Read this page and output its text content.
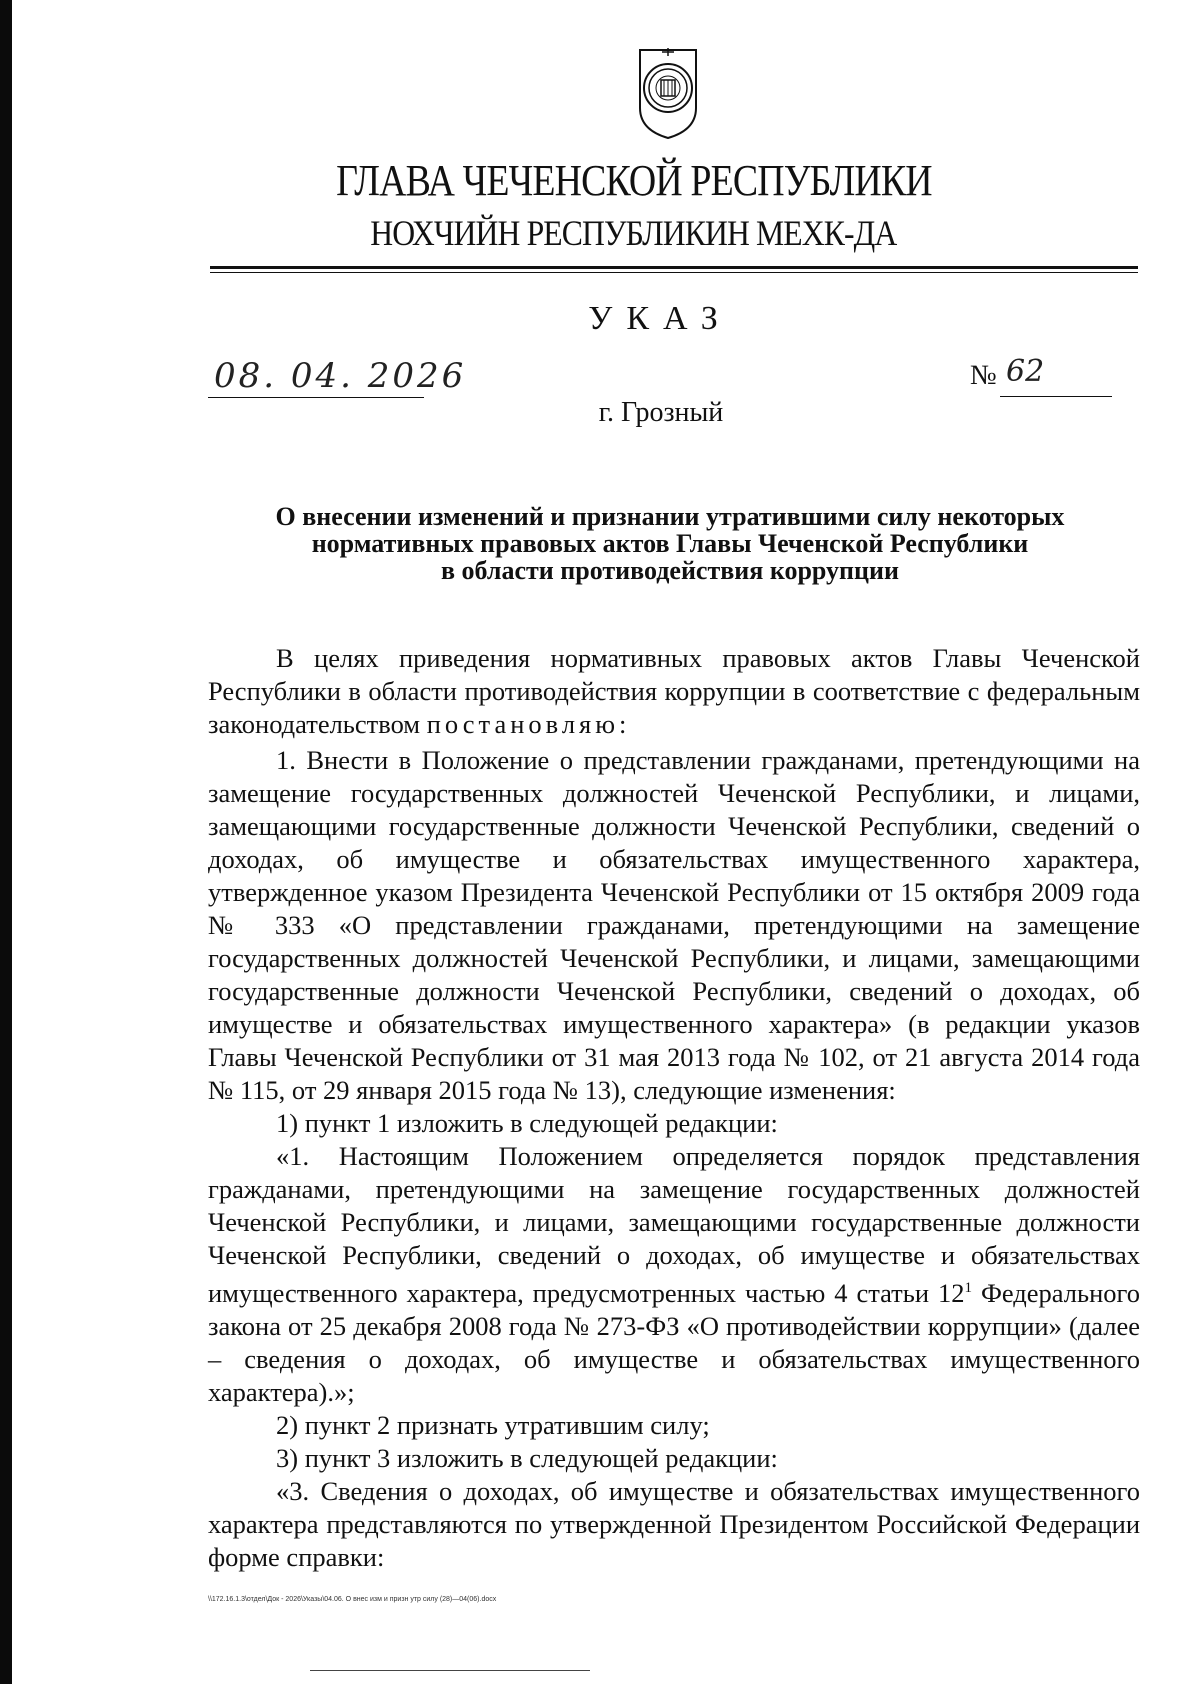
ГЛАВА ЧЕЧЕНСКОЙ РЕСПУБЛИКИ
НОХЧИЙН РЕСПУБЛИКИН МЕХК-ДА
УКАЗ
08. 04. 2026	№ 62
г. Грозный
О внесении изменений и признании утратившими силу некоторых
нормативных правовых актов Главы Чеченской Республики
в области противодействия коррупции

В целях приведения нормативных правовых актов Главы Чеченской Республики в области противодействия коррупции в соответствие с федеральным законодательством постановляю:

1. Внести в Положение о представлении гражданами, претендующими на замещение государственных должностей Чеченской Республики, и лицами, замещающими государственные должности Чеченской Республики, сведений о доходах, об имуществе и обязательствах имущественного характера, утвержденное указом Президента Чеченской Республики от 15 октября 2009 года № 333 «О представлении гражданами, претендующими на замещение государственных должностей Чеченской Республики, и лицами, замещающими государственные должности Чеченской Республики, сведений о доходах, об имуществе и обязательствах имущественного характера» (в редакции указов Главы Чеченской Республики от 31 мая 2013 года № 102, от 21 августа 2014 года № 115, от 29 января 2015 года № 13), следующие изменения:

1) пункт 1 изложить в следующей редакции:

«1. Настоящим Положением определяется порядок представления гражданами, претендующими на замещение государственных должностей Чеченской Республики, и лицами, замещающими государственные должности Чеченской Республики, сведений о доходах, об имуществе и обязательствах имущественного характера, предусмотренных частью 4 статьи $12^1$ Федерального закона от 25 декабря 2008 года № 273-ФЗ «О противодействии коррупции» (далее – сведения о доходах, об имуществе и обязательствах имущественного характера).»;

2) пункт 2 признать утратившим силу;

3) пункт 3 изложить в следующей редакции:

«3. Сведения о доходах, об имуществе и обязательствах имущественного характера представляются по утвержденной Президентом Российской Федерации форме справки:

\\172.16.1.3\отдел\Док - 2026\Указы\04.06. О внес изм и призн утр силу (28)—04(06).docx
